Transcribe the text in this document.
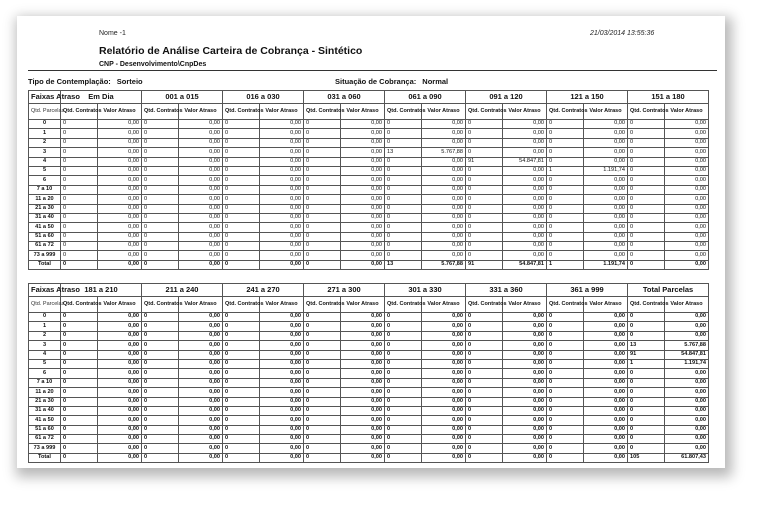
Nome -1	21/03/2014 13:55:36
Relatório de Análise Carteira de Cobrança - Sintético
CNP - Desenvolvimento\CnpDes
Tipo de Contemplação: Sorteio	Situação de Cobrança: Normal
Faixas Atraso	Em Dia		001 a 015		016 a 030		031 a 060		061 a 090		091 a 120		121 a 150		151 a 180	
Qtd. Parcelas	Qtd. Contratos	Valor Atraso	Qtd. Contratos	Valor Atraso	Qtd. Contratos	Valor Atraso	Qtd. Contratos	Valor Atraso	Qtd. Contratos	Valor Atraso	Qtd. Contratos	Valor Atraso	Qtd. Contratos	Valor Atraso	Qtd. Contratos	Valor Atraso
0	0	0,00	0	0,00	0	0,00	0	0,00	0	0,00	0	0,00	0	0,00	0	0,00
1	0	0,00	0	0,00	0	0,00	0	0,00	0	0,00	0	0,00	0	0,00	0	0,00
2	0	0,00	0	0,00	0	0,00	0	0,00	0	0,00	0	0,00	0	0,00	0	0,00
3	0	0,00	0	0,00	0	0,00	0	0,00	13	5.767,88	0	0,00	0	0,00	0	0,00
4	0	0,00	0	0,00	0	0,00	0	0,00	0	0,00	91	54.847,81	0	0,00	0	0,00
5	0	0,00	0	0,00	0	0,00	0	0,00	0	0,00	0	0,00	1	1.191,74	0	0,00
6	0	0,00	0	0,00	0	0,00	0	0,00	0	0,00	0	0,00	0	0,00	0	0,00
7 a 10	0	0,00	0	0,00	0	0,00	0	0,00	0	0,00	0	0,00	0	0,00	0	0,00
11 a 20	0	0,00	0	0,00	0	0,00	0	0,00	0	0,00	0	0,00	0	0,00	0	0,00
21 a 30	0	0,00	0	0,00	0	0,00	0	0,00	0	0,00	0	0,00	0	0,00	0	0,00
31 a 40	0	0,00	0	0,00	0	0,00	0	0,00	0	0,00	0	0,00	0	0,00	0	0,00
41 a 50	0	0,00	0	0,00	0	0,00	0	0,00	0	0,00	0	0,00	0	0,00	0	0,00
51 a 60	0	0,00	0	0,00	0	0,00	0	0,00	0	0,00	0	0,00	0	0,00	0	0,00
61 a 72	0	0,00	0	0,00	0	0,00	0	0,00	0	0,00	0	0,00	0	0,00	0	0,00
73 a 999	0	0,00	0	0,00	0	0,00	0	0,00	0	0,00	0	0,00	0	0,00	0	0,00
Total	0	0,00	0	0,00	0	0,00	0	0,00	13	5.767,88	91	54.847,81	1	1.191,74	0	0,00
Faixas Atraso	181 a 210		211 a 240		241 a 270		271 a 300		301 a 330		331 a 360		361 a 999		Total Parcelas	
Qtd. Parcelas	Qtd. Contratos	Valor Atraso	Qtd. Contratos	Valor Atraso	Qtd. Contratos	Valor Atraso	Qtd. Contratos	Valor Atraso	Qtd. Contratos	Valor Atraso	Qtd. Contratos	Valor Atraso	Qtd. Contratos	Valor Atraso	Qtd. Contratos	Valor Atraso
0	0	0,00	0	0,00	0	0,00	0	0,00	0	0,00	0	0,00	0	0,00	0	0,00
1	0	0,00	0	0,00	0	0,00	0	0,00	0	0,00	0	0,00	0	0,00	0	0,00
2	0	0,00	0	0,00	0	0,00	0	0,00	0	0,00	0	0,00	0	0,00	0	0,00
3	0	0,00	0	0,00	0	0,00	0	0,00	0	0,00	0	0,00	0	0,00	13	5.767,88
4	0	0,00	0	0,00	0	0,00	0	0,00	0	0,00	0	0,00	0	0,00	91	54.847,81
5	0	0,00	0	0,00	0	0,00	0	0,00	0	0,00	0	0,00	0	0,00	1	1.191,74
6	0	0,00	0	0,00	0	0,00	0	0,00	0	0,00	0	0,00	0	0,00	0	0,00
7 a 10	0	0,00	0	0,00	0	0,00	0	0,00	0	0,00	0	0,00	0	0,00	0	0,00
11 a 20	0	0,00	0	0,00	0	0,00	0	0,00	0	0,00	0	0,00	0	0,00	0	0,00
21 a 30	0	0,00	0	0,00	0	0,00	0	0,00	0	0,00	0	0,00	0	0,00	0	0,00
31 a 40	0	0,00	0	0,00	0	0,00	0	0,00	0	0,00	0	0,00	0	0,00	0	0,00
41 a 50	0	0,00	0	0,00	0	0,00	0	0,00	0	0,00	0	0,00	0	0,00	0	0,00
51 a 60	0	0,00	0	0,00	0	0,00	0	0,00	0	0,00	0	0,00	0	0,00	0	0,00
61 a 72	0	0,00	0	0,00	0	0,00	0	0,00	0	0,00	0	0,00	0	0,00	0	0,00
73 a 999	0	0,00	0	0,00	0	0,00	0	0,00	0	0,00	0	0,00	0	0,00	0	0,00
Total	0	0,00	0	0,00	0	0,00	0	0,00	0	0,00	0	0,00	0	0,00	105	61.807,43
